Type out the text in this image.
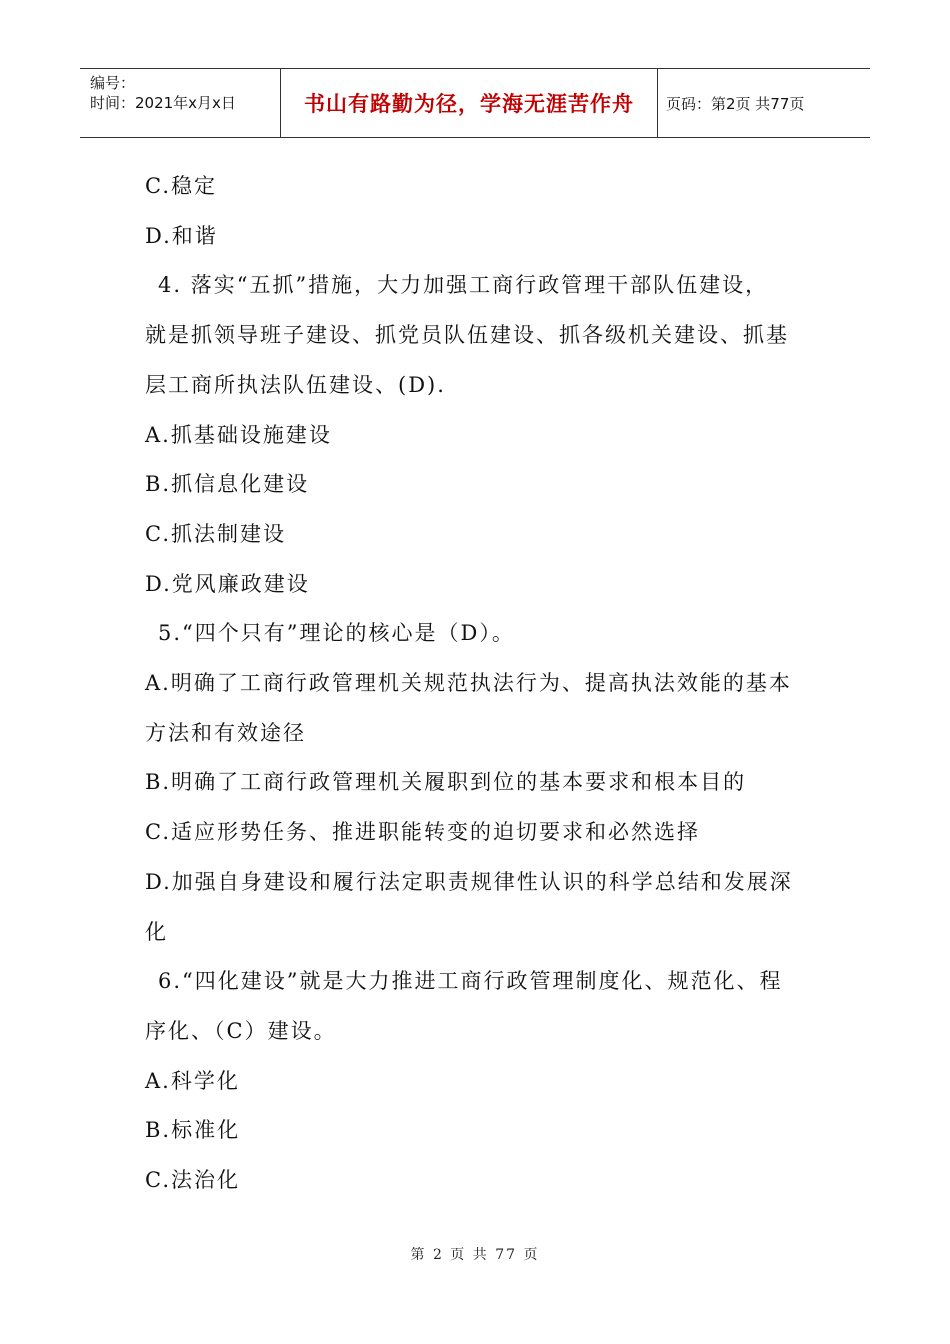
编号：
时间：2021年x月x日	书山有路勤为径，学海无涯苦作舟	页码：第2页 共77页

C.稳定

D.和谐

4. 落实“五抓”措施，大力加强工商行政管理干部队伍建设，

就是抓领导班子建设、抓党员队伍建设、抓各级机关建设、抓基

层工商所执法队伍建设、(D).

A.抓基础设施建设

B.抓信息化建设

C.抓法制建设

D.党风廉政建设

5.“四个只有”理论的核心是（D）。

A.明确了工商行政管理机关规范执法行为、提高执法效能的基本

方法和有效途径

B.明确了工商行政管理机关履职到位的基本要求和根本目的

C.适应形势任务、推进职能转变的迫切要求和必然选择

D.加强自身建设和履行法定职责规律性认识的科学总结和发展深

化

6.“四化建设”就是大力推进工商行政管理制度化、规范化、程

序化、（C）建设。

A.科学化

B.标准化

C.法治化

第 2 页 共 77 页
